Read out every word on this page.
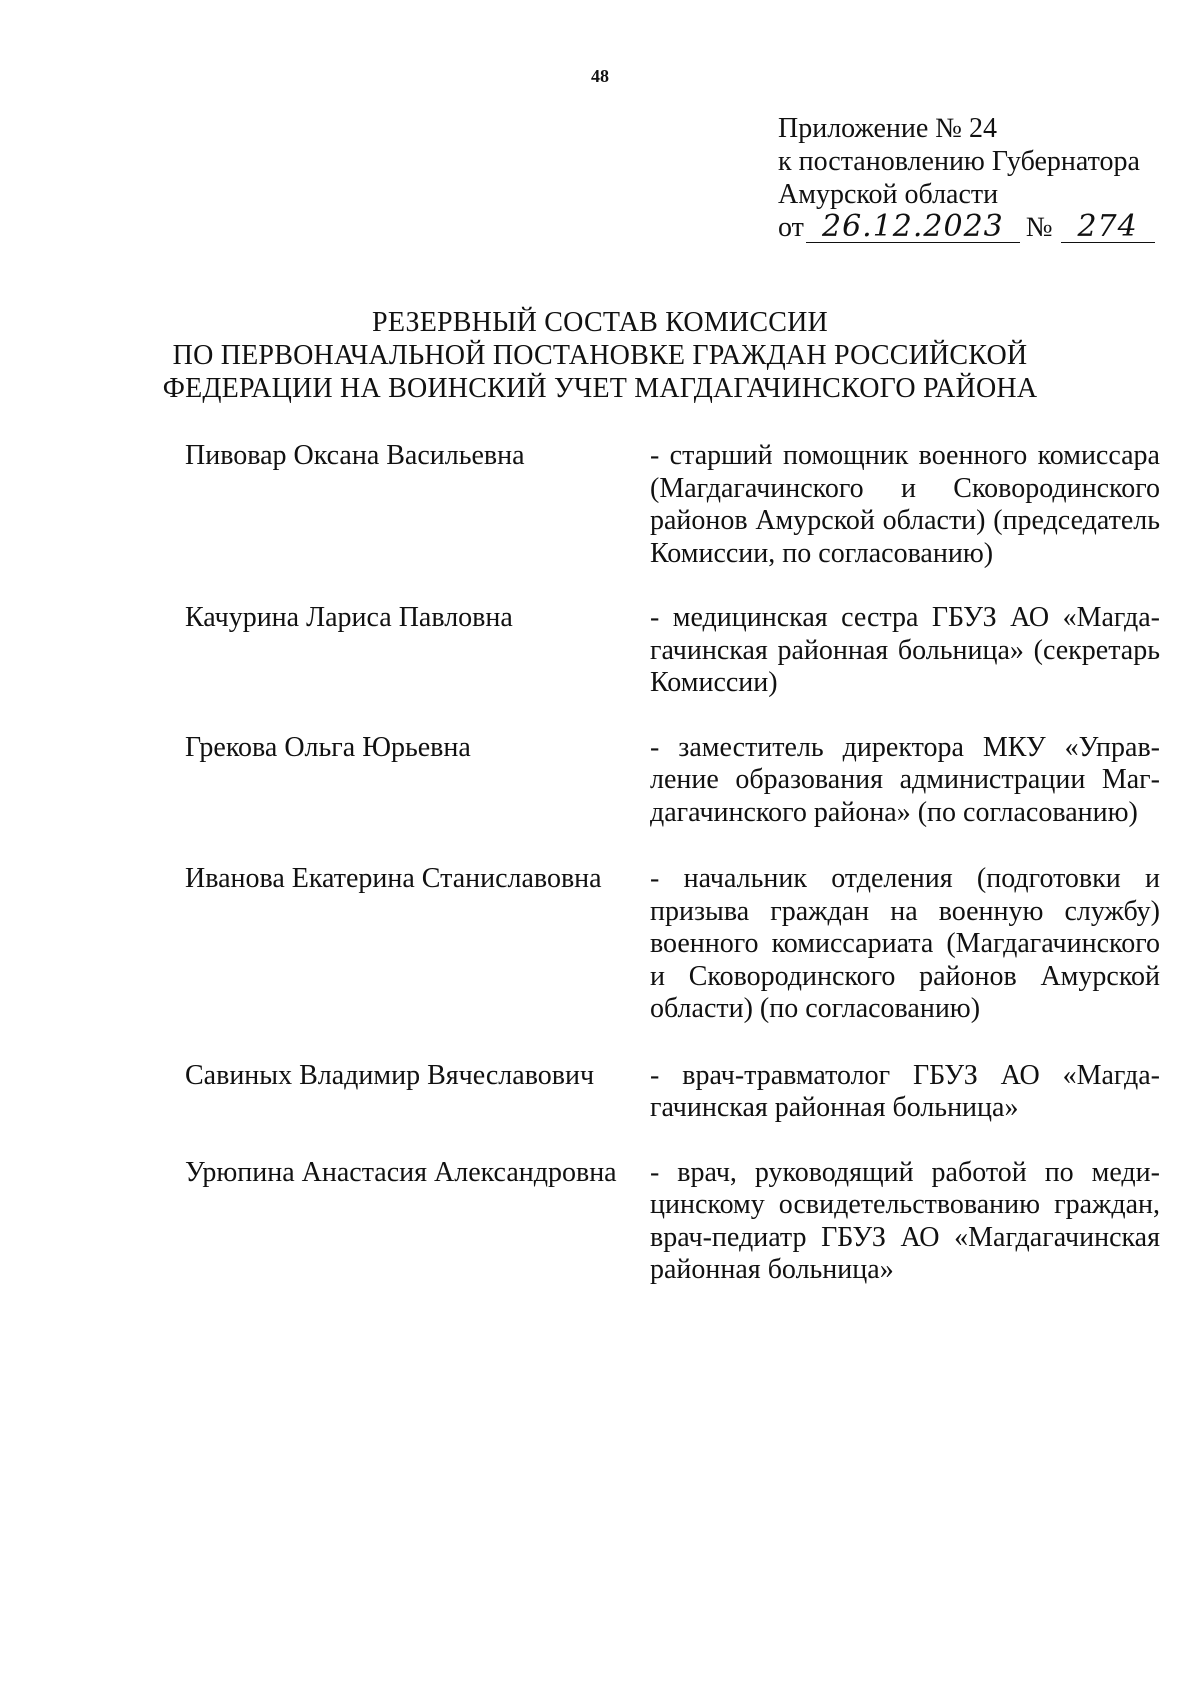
48
Приложение № 24
к постановлению Губернатора
Амурской области
от 26.12.2023 № 274
РЕЗЕРВНЫЙ СОСТАВ КОМИССИИ
ПО ПЕРВОНАЧАЛЬНОЙ ПОСТАНОВКЕ ГРАЖДАН РОССИЙСКОЙ
ФЕДЕРАЦИИ НА ВОИНСКИЙ УЧЕТ МАГДАГАЧИНСКОГО РАЙОНА
Пивовар Оксана Васильевна	- старший помощник военного комиссара (Магдагачинского и Сковородинского районов Амурской области) (председатель Комиссии, по согласованию)
Качурина Лариса Павловна	- медицинская сестра ГБУЗ АО «Магдагачинская районная больница» (секретарь Комиссии)
Грекова Ольга Юрьевна	- заместитель директора МКУ «Управление образования администрации Магдагачинского района» (по согласованию)
Иванова Екатерина Станиславовна	- начальник отделения (подготовки и призыва граждан на военную службу) военного комиссариата (Магдагачинского и Сковородинского районов Амурской области) (по согласованию)
Савиных Владимир Вячеславович	- врач-травматолог ГБУЗ АО «Магдагачинская районная больница»
Урюпина Анастасия Александровна	- врач, руководящий работой по медицинскому освидетельствованию граждан, врач-педиатр ГБУЗ АО «Магдагачинская районная больница»
